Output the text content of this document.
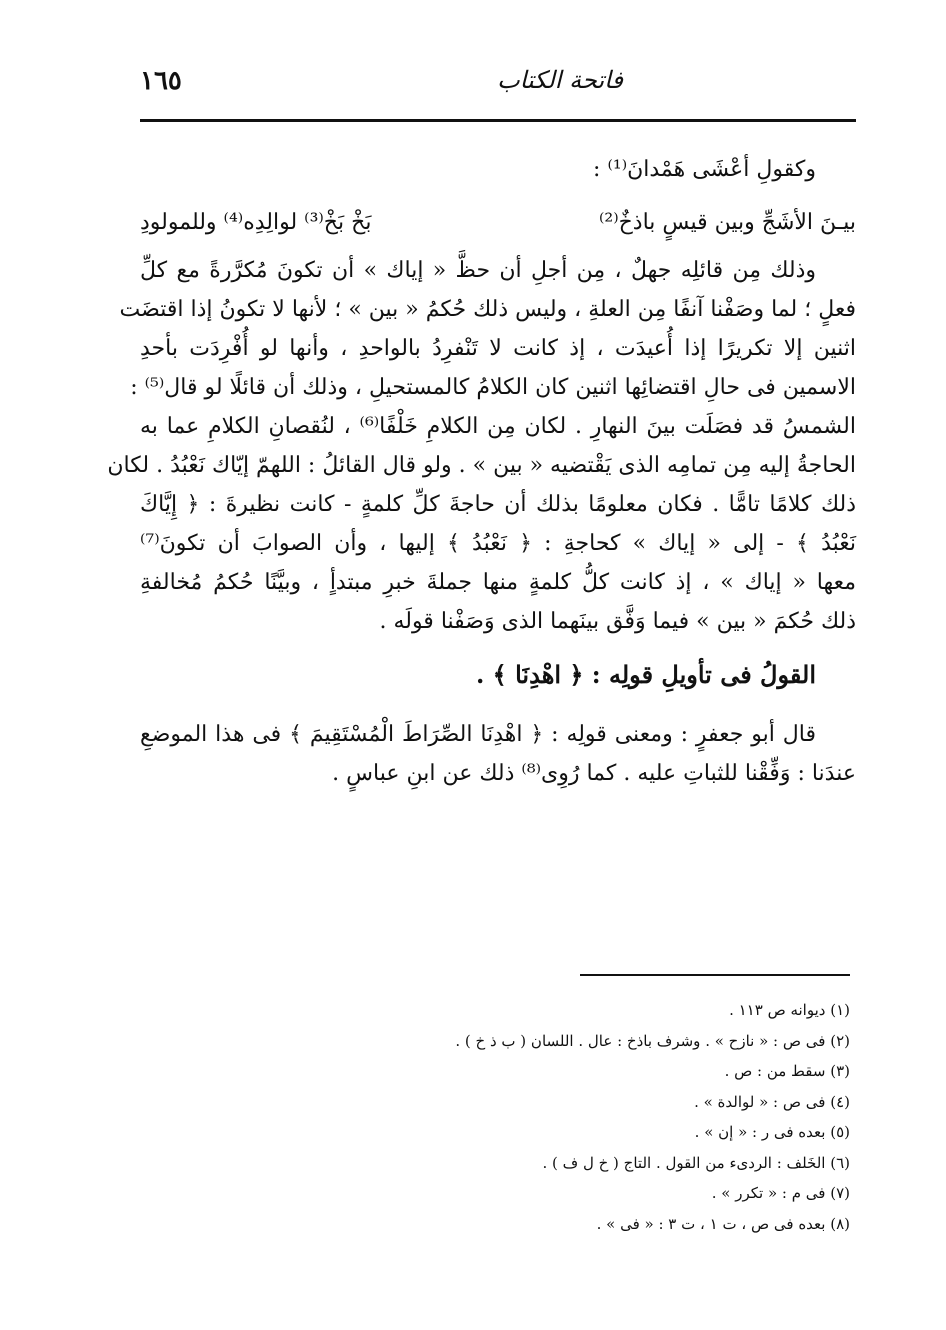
١٦٥	فاتحة الكتاب
وكقولِ أعْشَى هَمْدانَ⁽¹⁾ :
بيـنَ الأشَجِّ وبين قيسٍ باذخٌ⁽²⁾
بَخْ بَخْ⁽³⁾ لوالِدِه⁽⁴⁾ وللمولودِ
وذلك مِن قائلِه جهلٌ ، مِن أجلِ أن حظَّ « إياك » أن تكونَ مُكرَّرةً مع كلِّ
فعلٍ ؛ لما وصَفْنا آنفًا مِن العلةِ ، وليس ذلك حُكمُ « بين » ؛ لأنها لا تكونُ إذا اقتضَت
اثنين إلا تكريرًا إذا أُعيدَت ، إذ كانت لا تَنْفرِدُ بالواحدِ ، وأنها لو أُفْرِدَت بأحدِ
الاسمين فى حالِ اقتضائِها اثنين كان الكلامُ كالمستحيلِ ، وذلك أن قائلًا لو قال⁽⁵⁾ :
الشمسُ قد فصَلَت بينَ النهارِ . لكان مِن الكلامِ خَلْفًا⁽⁶⁾ ، لنُقصانِ الكلامِ عما به
الحاجةُ إليه مِن تمامِه الذى يَقْتضيه « بين » . ولو قال القائلُ : اللهمّ إيّاك نَعْبُدُ . لكان
ذلك كلامًا تامًّا . فكان معلومًا بذلك أن حاجةَ كلِّ كلمةٍ - كانت نظيرةَ : ﴿ إِيَّاكَ
نَعْبُدُ ﴾ - إلى « إياك » كحاجةِ : ﴿ نَعْبُدُ ﴾ إليها ، وأن الصوابَ أن تكونَ⁽⁷⁾
معها « إياك » ، إذ كانت كلُّ كلمةٍ منها جملةَ خبرِ مبتدأٍ ، وبيَّنًا حُكمُ مُخالفةِ
ذلك حُكمَ « بين » فيما وَفَّق بينَهما الذى وَصَفْنا قولَه .
القولُ فى تأويلِ قولِه : ﴿ اهْدِنَا ﴾ .
قال أبو جعفرٍ : ومعنى قولِه : ﴿ اهْدِنَا الصِّرَاطَ الْمُسْتَقِيمَ ﴾ فى هذا الموضعِ
عندَنا : وَفِّقْنا للثباتِ عليه . كما رُوِى⁽⁸⁾ ذلك عن ابنِ عباسٍ .
(١) ديوانه ص ١١٣ .
(٢) فى ص : « نازح » . وشرف باذخ : عال . اللسان ( ب ذ خ ) .
(٣) سقط من : ص .
(٤) فى ص : « لوالدة » .
(٥) بعده فى ر : « إن » .
(٦) الخَلف : الردىء من القول . التاج ( خ ل ف ) .
(٧) فى م : « تكرر » .
(٨) بعده فى ص ، ت ١ ، ت ٣ : « فى » .
